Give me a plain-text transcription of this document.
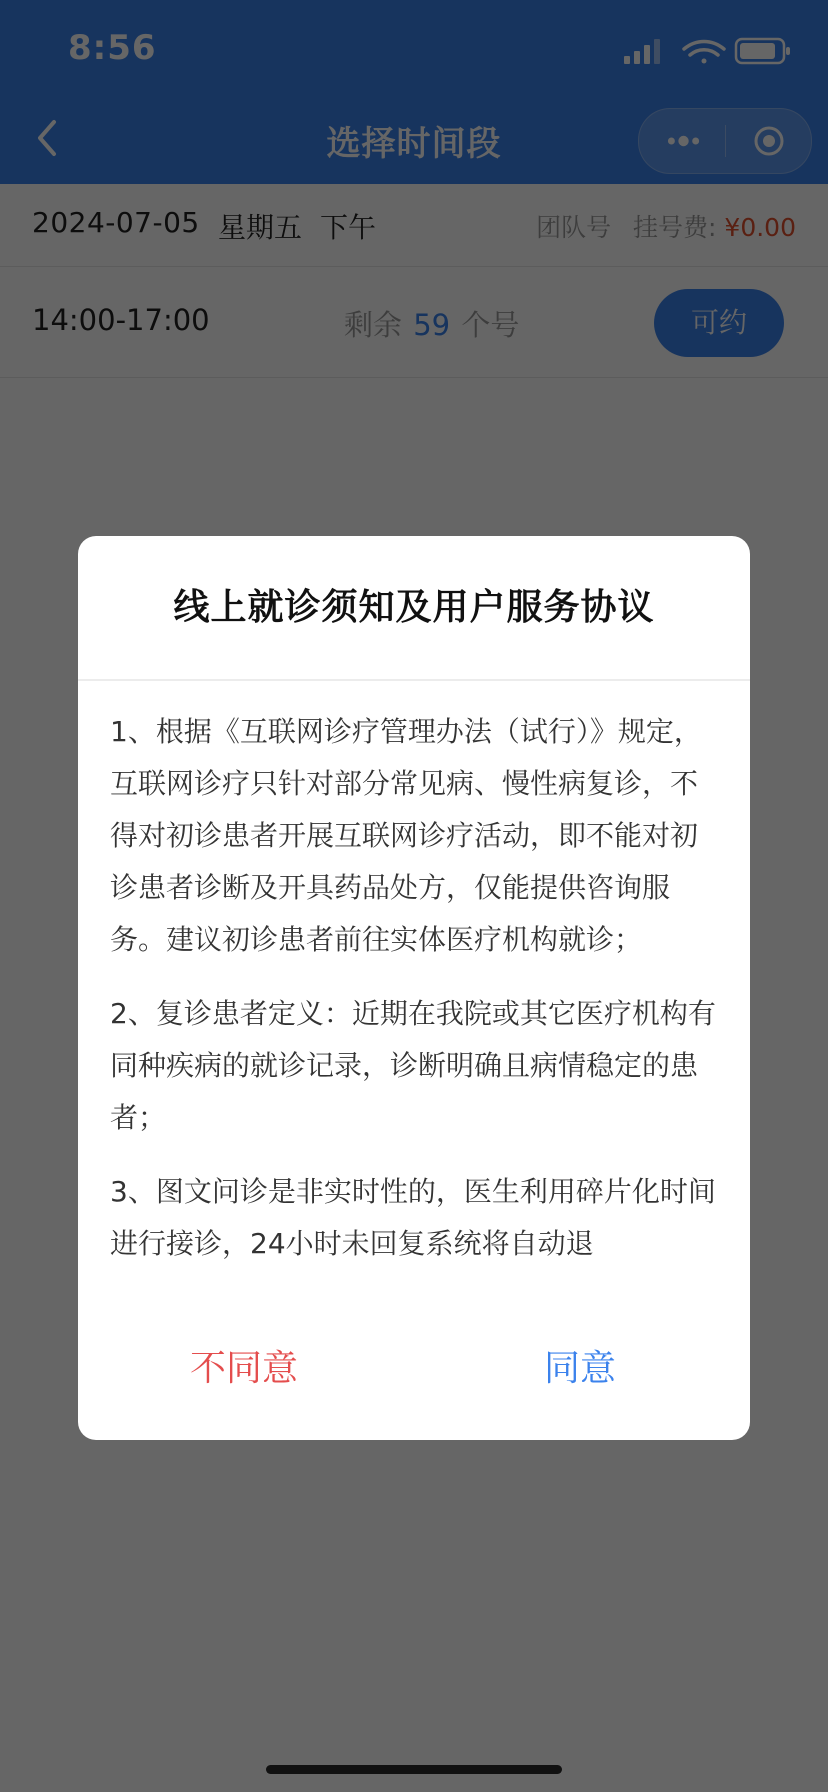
线上就诊须知及用户服务协议

1、根据《互联网诊疗管理办法（试行）》规定，互联网诊疗只针对部分常见病、慢性病复诊，不得对初诊患者开展互联网诊疗活动，即不能对初诊患者诊断及开具药品处方，仅能提供咨询服务。建议初诊患者前往实体医疗机构就诊；

2、复诊患者定义：近期在我院或其它医疗机构有同种疾病的就诊记录，诊断明确且病情稳定的患者；

3、图文问诊是非实时性的，医生利用碎片化时间进行接诊，24小时未回复系统将自动退

不同意	同意
